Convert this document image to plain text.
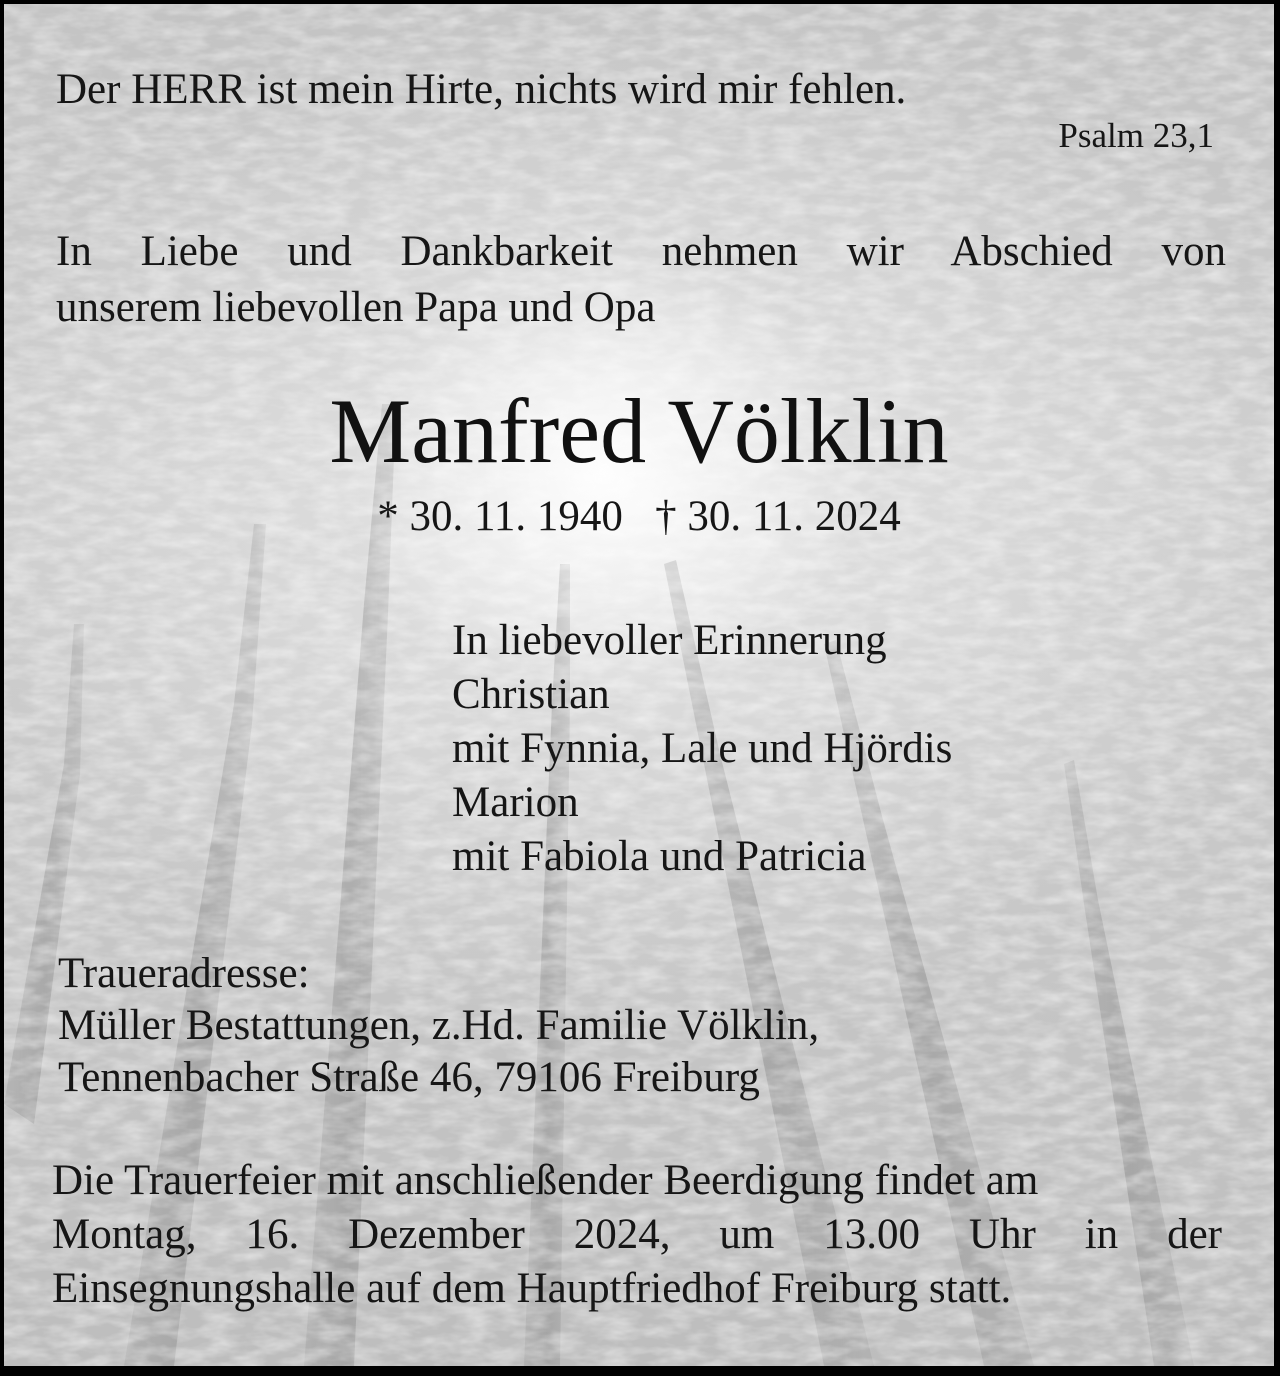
Der HERR ist mein Hirte, nichts wird mir fehlen.

Psalm 23,1

In Liebe und Dankbarkeit nehmen wir Abschied von

unserem liebevollen Papa und Opa

Manfred Völklin

* 30. 11. 1940   † 30. 11. 2024

In liebevoller Erinnerung
Christian
mit Fynnia, Lale und Hjördis
Marion
mit Fabiola und Patricia
Traueradresse:
Müller Bestattungen, z.Hd. Familie Völklin,
Tennenbacher Straße 46, 79106 Freiburg

Die Trauerfeier mit anschließender Beerdigung findet am

Montag, 16. Dezember 2024, um 13.00 Uhr in der

Einsegnungshalle auf dem Hauptfriedhof Freiburg statt.
